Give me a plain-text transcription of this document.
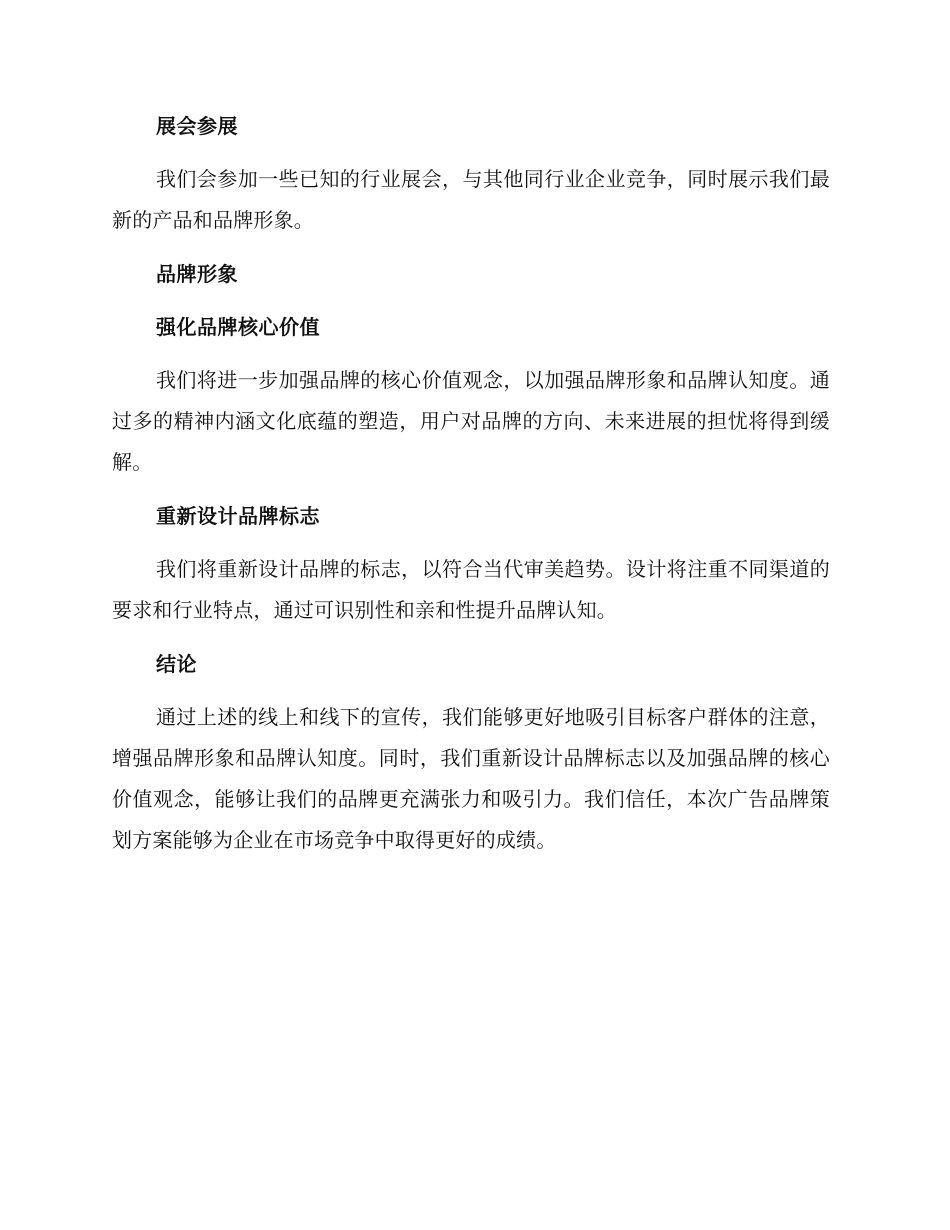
展会参展

我们会参加一些已知的行业展会，与其他同行业企业竞争，同时展示我们最新的产品和品牌形象。

品牌形象
强化品牌核心价值

我们将进一步加强品牌的核心价值观念，以加强品牌形象和品牌认知度。通过多的精神内涵文化底蕴的塑造，用户对品牌的方向、未来进展的担忧将得到缓解。

重新设计品牌标志

我们将重新设计品牌的标志，以符合当代审美趋势。设计将注重不同渠道的要求和行业特点，通过可识别性和亲和性提升品牌认知。

结论

通过上述的线上和线下的宣传，我们能够更好地吸引目标客户群体的注意，增强品牌形象和品牌认知度。同时，我们重新设计品牌标志以及加强品牌的核心价值观念，能够让我们的品牌更充满张力和吸引力。我们信任，本次广告品牌策划方案能够为企业在市场竞争中取得更好的成绩。
